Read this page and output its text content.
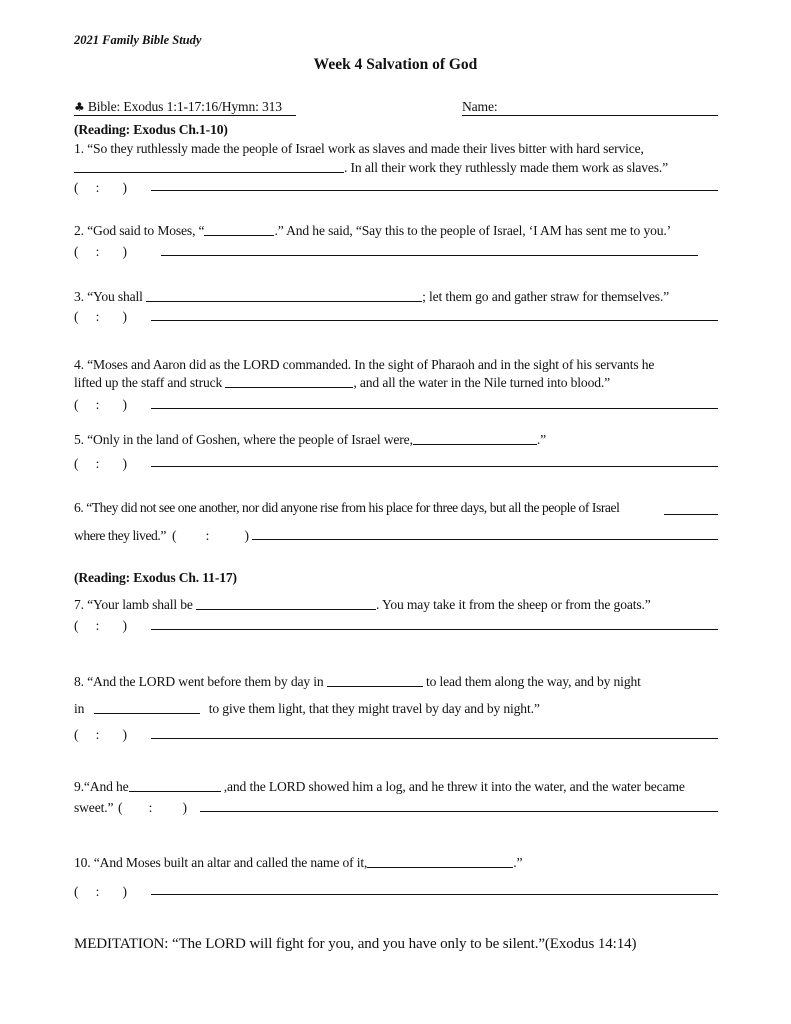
2021 Family Bible Study
Week 4 Salvation of God
♣ Bible: Exodus 1:1-17:16/Hymn: 313	Name:
(Reading: Exodus Ch.1-10)
1. “So they ruthlessly made the people of Israel work as slaves and made their lives bitter with hard service,
. In all their work they ruthlessly made them work as slaves.”
( : )
2. “God said to Moses, “	.” And he said, “Say this to the people of Israel, ‘I AM has sent me to you.’
( : )
3. “You shall	; let them go and gather straw for themselves.”
( : )
4. “Moses and Aaron did as the LORD commanded. In the sight of Pharaoh and in the sight of his servants he
lifted up the staff and struck	, and all the water in the Nile turned into blood.”
( : )
5. “Only in the land of Goshen, where the people of Israel were,	.”
( : )
6. “They did not see one another, nor did anyone rise from his place for three days, but all the people of Israel
where they lived.” ( :	)
(Reading: Exodus Ch. 11-17)
7. “Your lamb shall be	. You may take it from the sheep or from the goats.”
( : )
8. “And the LORD went before them by day in	to lead them along the way, and by night
in	to give them light, that they might travel by day and by night.”
( : )
9.“And he	,and the LORD showed him a log, and he threw it into the water, and the water became
sweet.” ( : )
10. “And Moses built an altar and called the name of it,	.”
( : )
MEDITATION: “The LORD will fight for you, and you have only to be silent.”(Exodus 14:14)
